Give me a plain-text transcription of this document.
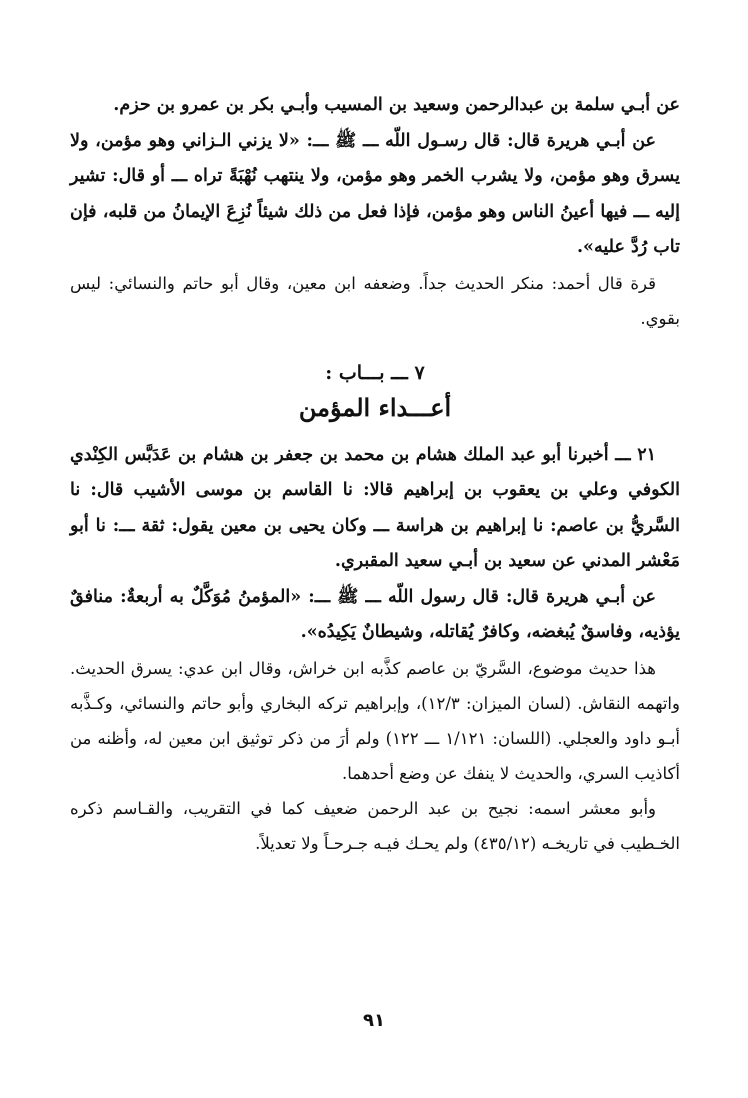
عن أبـي سلمة بن عبدالرحمن وسعيد بن المسيب وأبـي بكر بن عمرو بن حزم.

عن أبـي هريرة قال: قال رسـول اللّه ـــ ﷺ ـــ: «لا يزني الـزاني وهو مؤمن، ولا يسرق وهو مؤمن، ولا يشرب الخمر وهو مؤمن، ولا ينتهب نُهْبَةً تراه ـــ أو قال: تشير إليه ـــ فيها أعينُ الناس وهو مؤمن، فإذا فعل من ذلك شيئاً نُزِعَ الإيمانُ من قلبه، فإن تاب رُدَّ عليه».

قرة قال أحمد: منكر الحديث جداً. وضعفه ابن معين، وقال أبو حاتم والنسائي: ليس بقوي.

٧ ـــ بـــاب :
أعـــداء المؤمن

٢١ ـــ أخبرنا أبو عبد الملك هشام بن محمد بن جعفر بن هشام بن عَدَبَّس الكِنْدي الكوفي وعلي بن يعقوب بن إبراهيم قالا: نا القاسم بن موسى الأشيب قال: نا السَّريُّ بن عاصم: نا إبراهيم بن هراسة ـــ وكان يحيى بن معين يقول: ثقة ـــ: نا أبو مَعْشر المدني عن سعيد بن أبـي سعيد المقبري.

عن أبـي هريرة قال: قال رسول اللّه ـــ ﷺ ـــ: «المؤمنُ مُوَكَّلٌ به أربعةٌ: منافقٌ يؤذيه، وفاسقٌ يُبغضه، وكافرٌ يُقاتله، وشيطانٌ يَكِيدُه».

هذا حديث موضوع، السَّريّ بن عاصم كذَّبه ابن خراش، وقال ابن عدي: يسرق الحديث. واتهمه النقاش. (لسان الميزان: ١٢/٣)، وإبراهيم تركه البخاري وأبو حاتم والنسائي، وكـذَّبه أبـو داود والعجلي. (اللسان: ١/١٢١ ـــ ١٢٢) ولم أرَ من ذكر توثيق ابن معين له، وأظنه من أكاذيب السري، والحديث لا ينفك عن وضع أحدهما.

وأبو معشر اسمه: نجيح بن عبد الرحمن ضعيف كما في التقريب، والقـاسم ذكره الخـطيب في تاريخـه (٤٣٥/١٢) ولم يحـك فيـه جـرحـاً ولا تعديلاً.

٩١
